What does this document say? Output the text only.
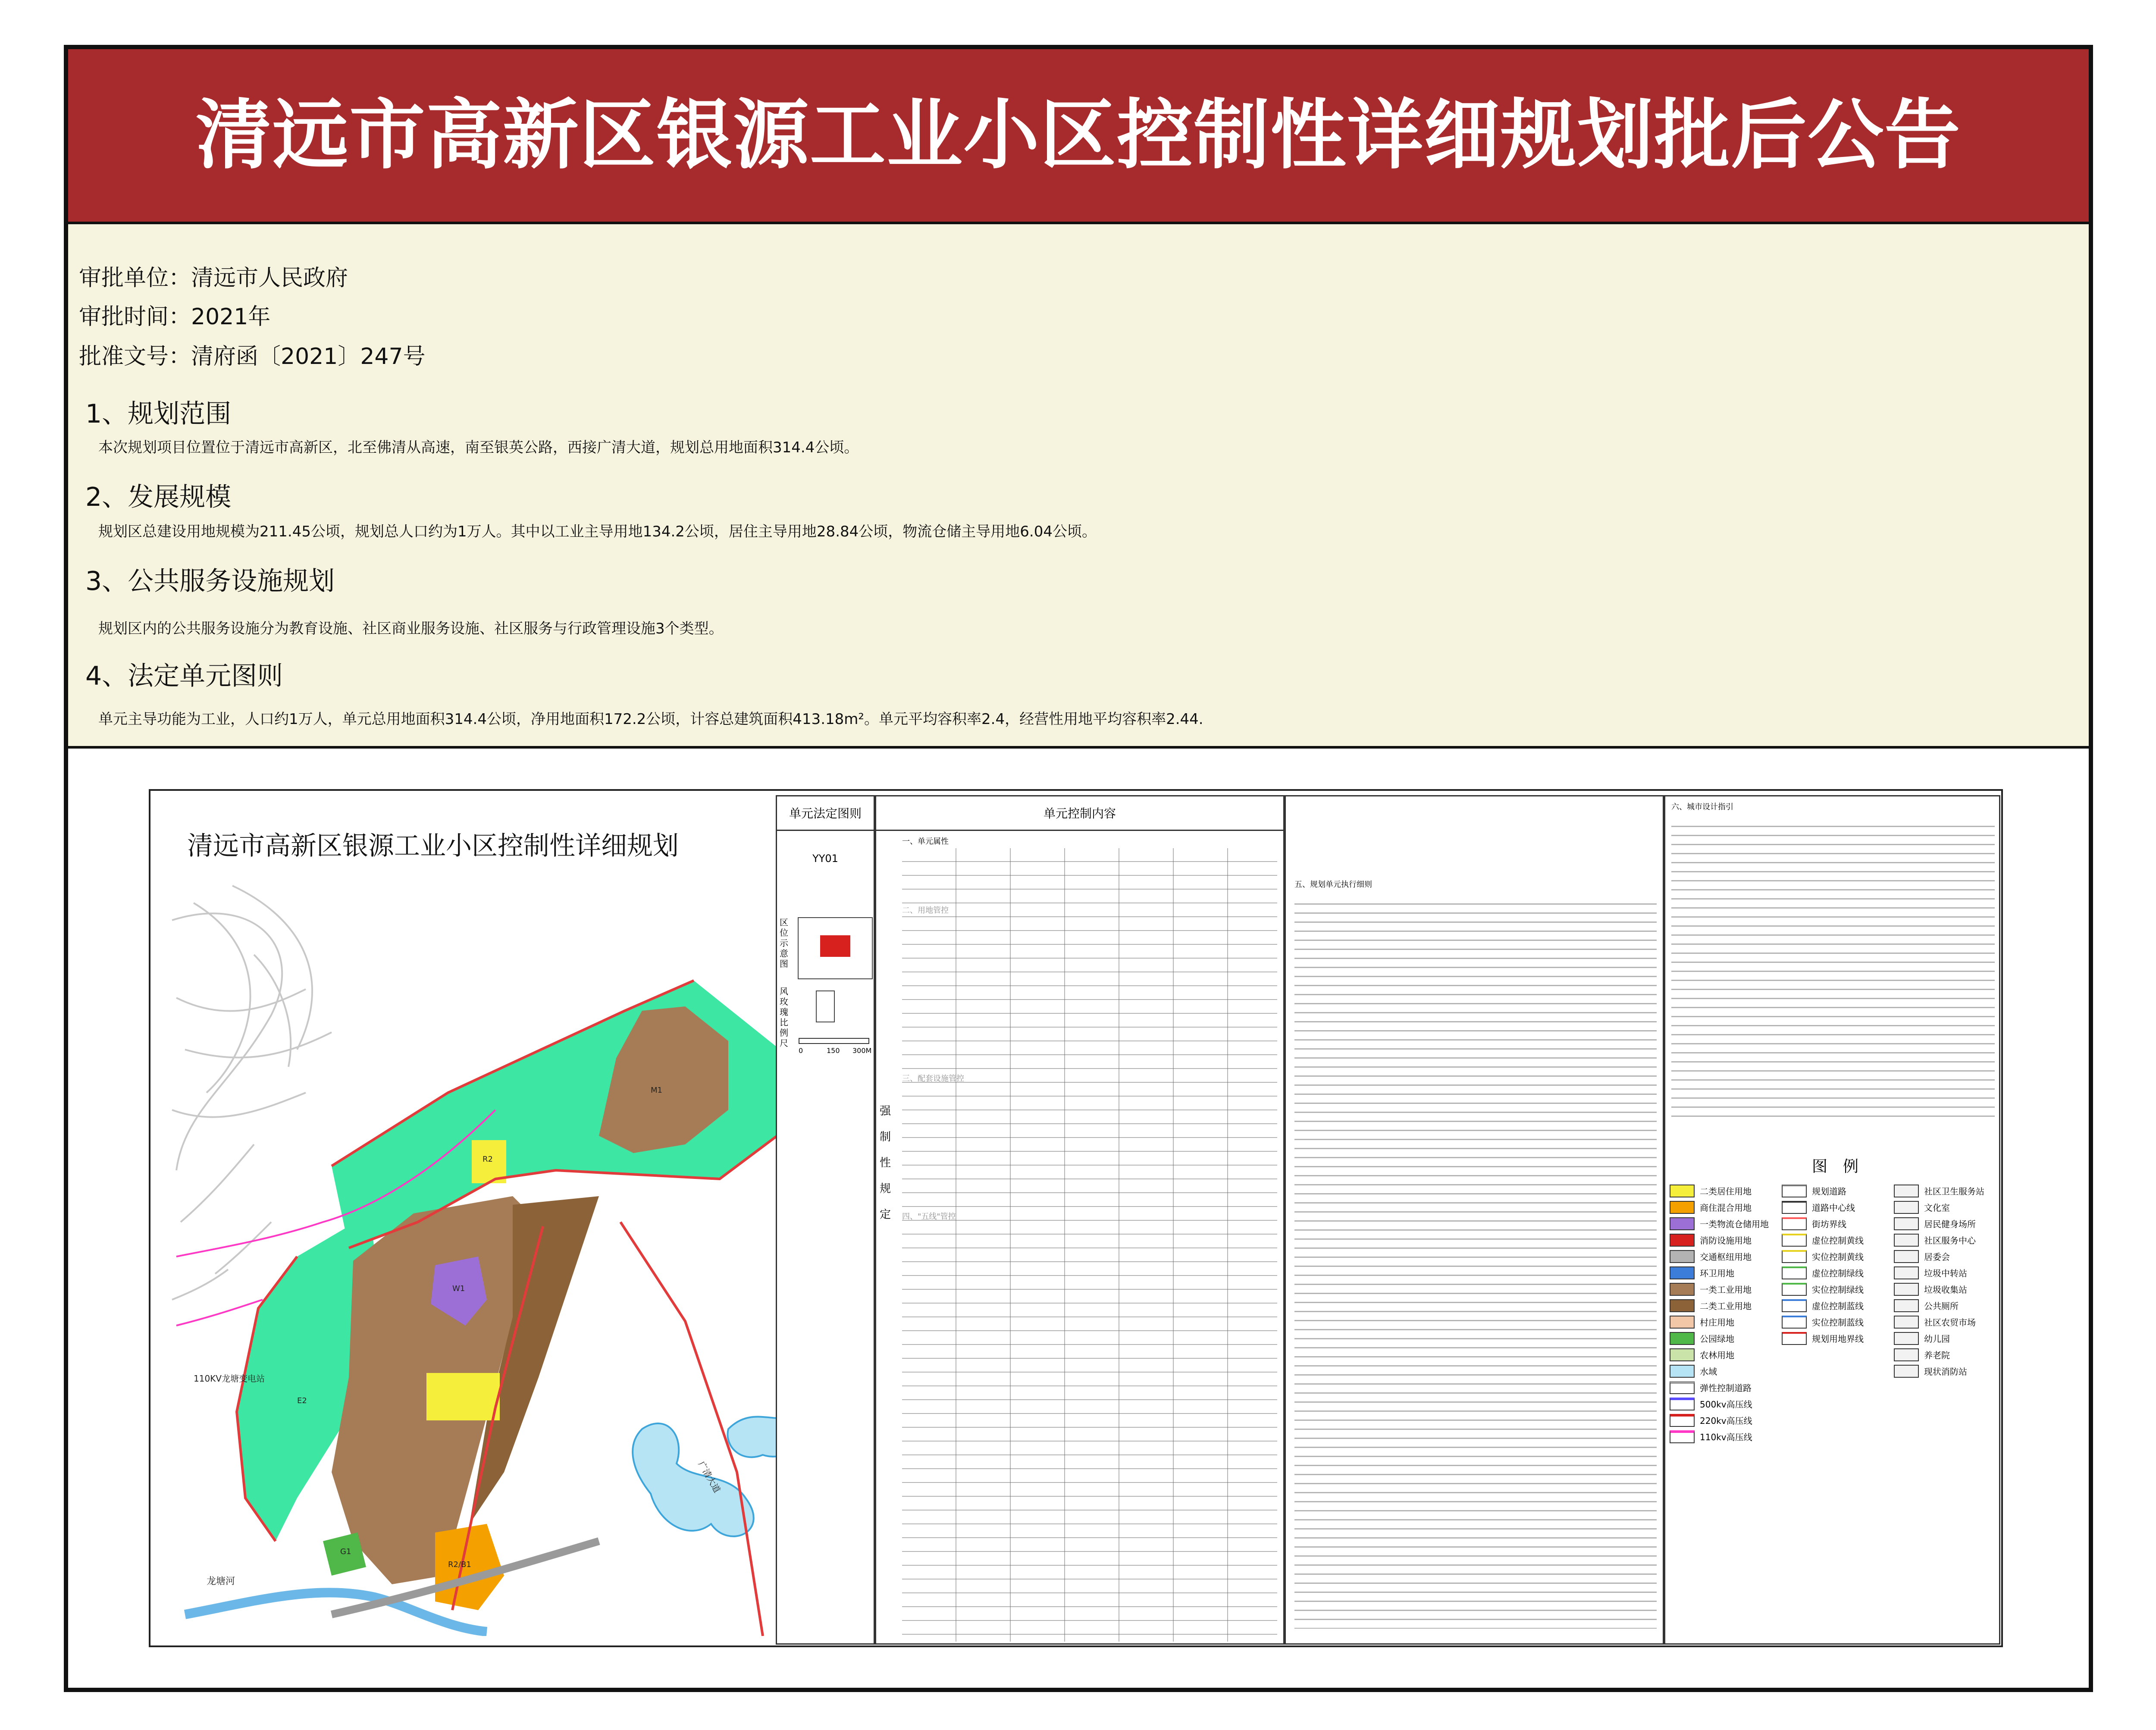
清远市高新区银源工业小区控制性详细规划批后公告
审批单位：清远市人民政府
审批时间：2021年
批准文号：清府函〔2021〕247号
1、规划范围
本次规划项目位置位于清远市高新区，北至佛清从高速，南至银英公路，西接广清大道，规划总用地面积314.4公顷。
2、发展规模
规划区总建设用地规模为211.45公顷，规划总人口约为1万人。其中以工业主导用地134.2公顷，居住主导用地28.84公顷，物流仓储主导用地6.04公顷。
3、公共服务设施规划
规划区内的公共服务设施分为教育设施、社区商业服务设施、社区服务与行政管理设施3个类型。
4、法定单元图则
单元主导功能为工业，人口约1万人，单元总用地面积314.4公顷，净用地面积172.2公顷，计容总建筑面积413.18m²。单元平均容积率2.4，经营性用地平均容积率2.44.
清远市高新区银源工业小区控制性详细规划
110KV龙塘变电站
龙塘河
广清大道
M1
R2
W1
E2
G1
R2/B1
单元法定图则
YY01
区位示意图
风玫瑰比例尺
0	150 300M
单元控制内容
强制性规定
一、单元属性
五、规划单元执行细则
六、城市设计指引
图　例
二类居住用地
商住混合用地
一类物流仓储用地
消防设施用地
交通枢纽用地
环卫用地
一类工业用地
二类工业用地
村庄用地
公园绿地
农林用地
水域
弹性控制道路
500kv高压线
220kv高压线
110kv高压线
规划道路
道路中心线
街坊界线
虚位控制黄线
实位控制黄线
虚位控制绿线
实位控制绿线
虚位控制蓝线
实位控制蓝线
规划用地界线
社区卫生服务站
文化室
居民健身场所
社区服务中心
居委会
垃圾中转站
垃圾收集站
公共厕所
社区农贸市场
幼儿园
养老院
现状消防站
